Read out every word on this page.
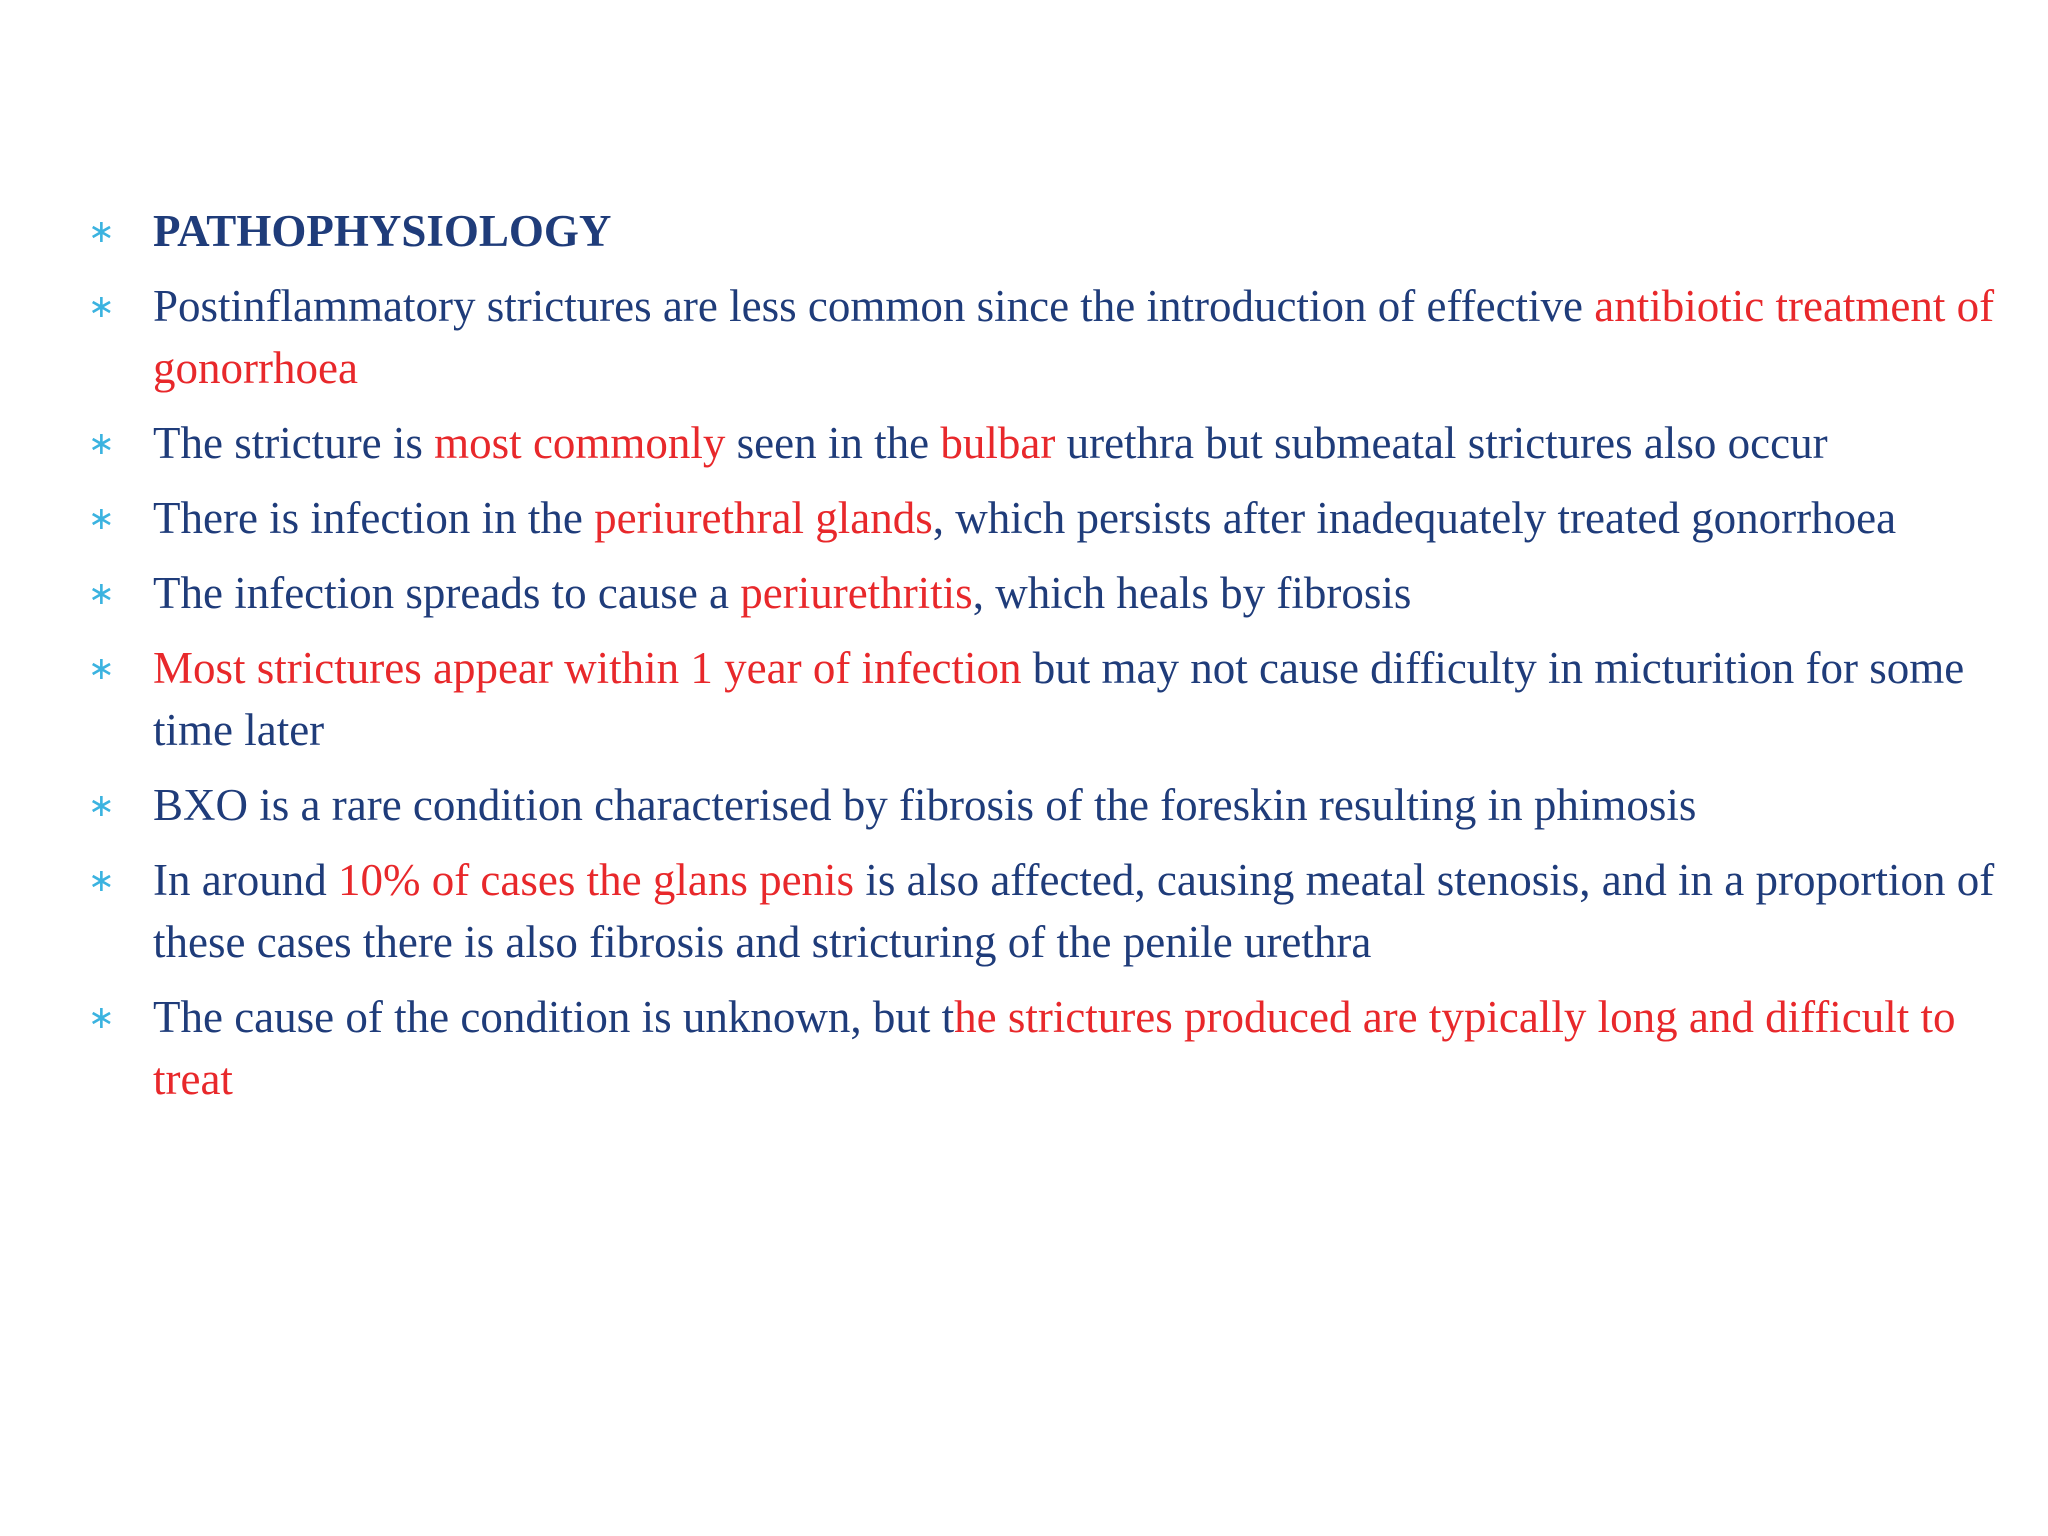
∗ PATHOPHYSIOLOGY
∗ Postinflammatory strictures are less common since the introduction of effective antibiotic treatment of gonorrhoea
∗ The stricture is most commonly seen in the bulbar urethra but submeatal strictures also occur
∗ There is infection in the periurethral glands, which persists after inadequately treated gonorrhoea
∗ The infection spreads to cause a periurethritis, which heals by fibrosis
∗ Most strictures appear within 1 year of infection but may not cause difficulty in micturition for some time later
∗ BXO is a rare condition characterised by fibrosis of the foreskin resulting in phimosis
∗ In around 10% of cases the glans penis is also affected, causing meatal stenosis, and in a proportion of these cases there is also fibrosis and stricturing of the penile urethra
∗ The cause of the condition is unknown, but the strictures produced are typically long and difficult to treat
